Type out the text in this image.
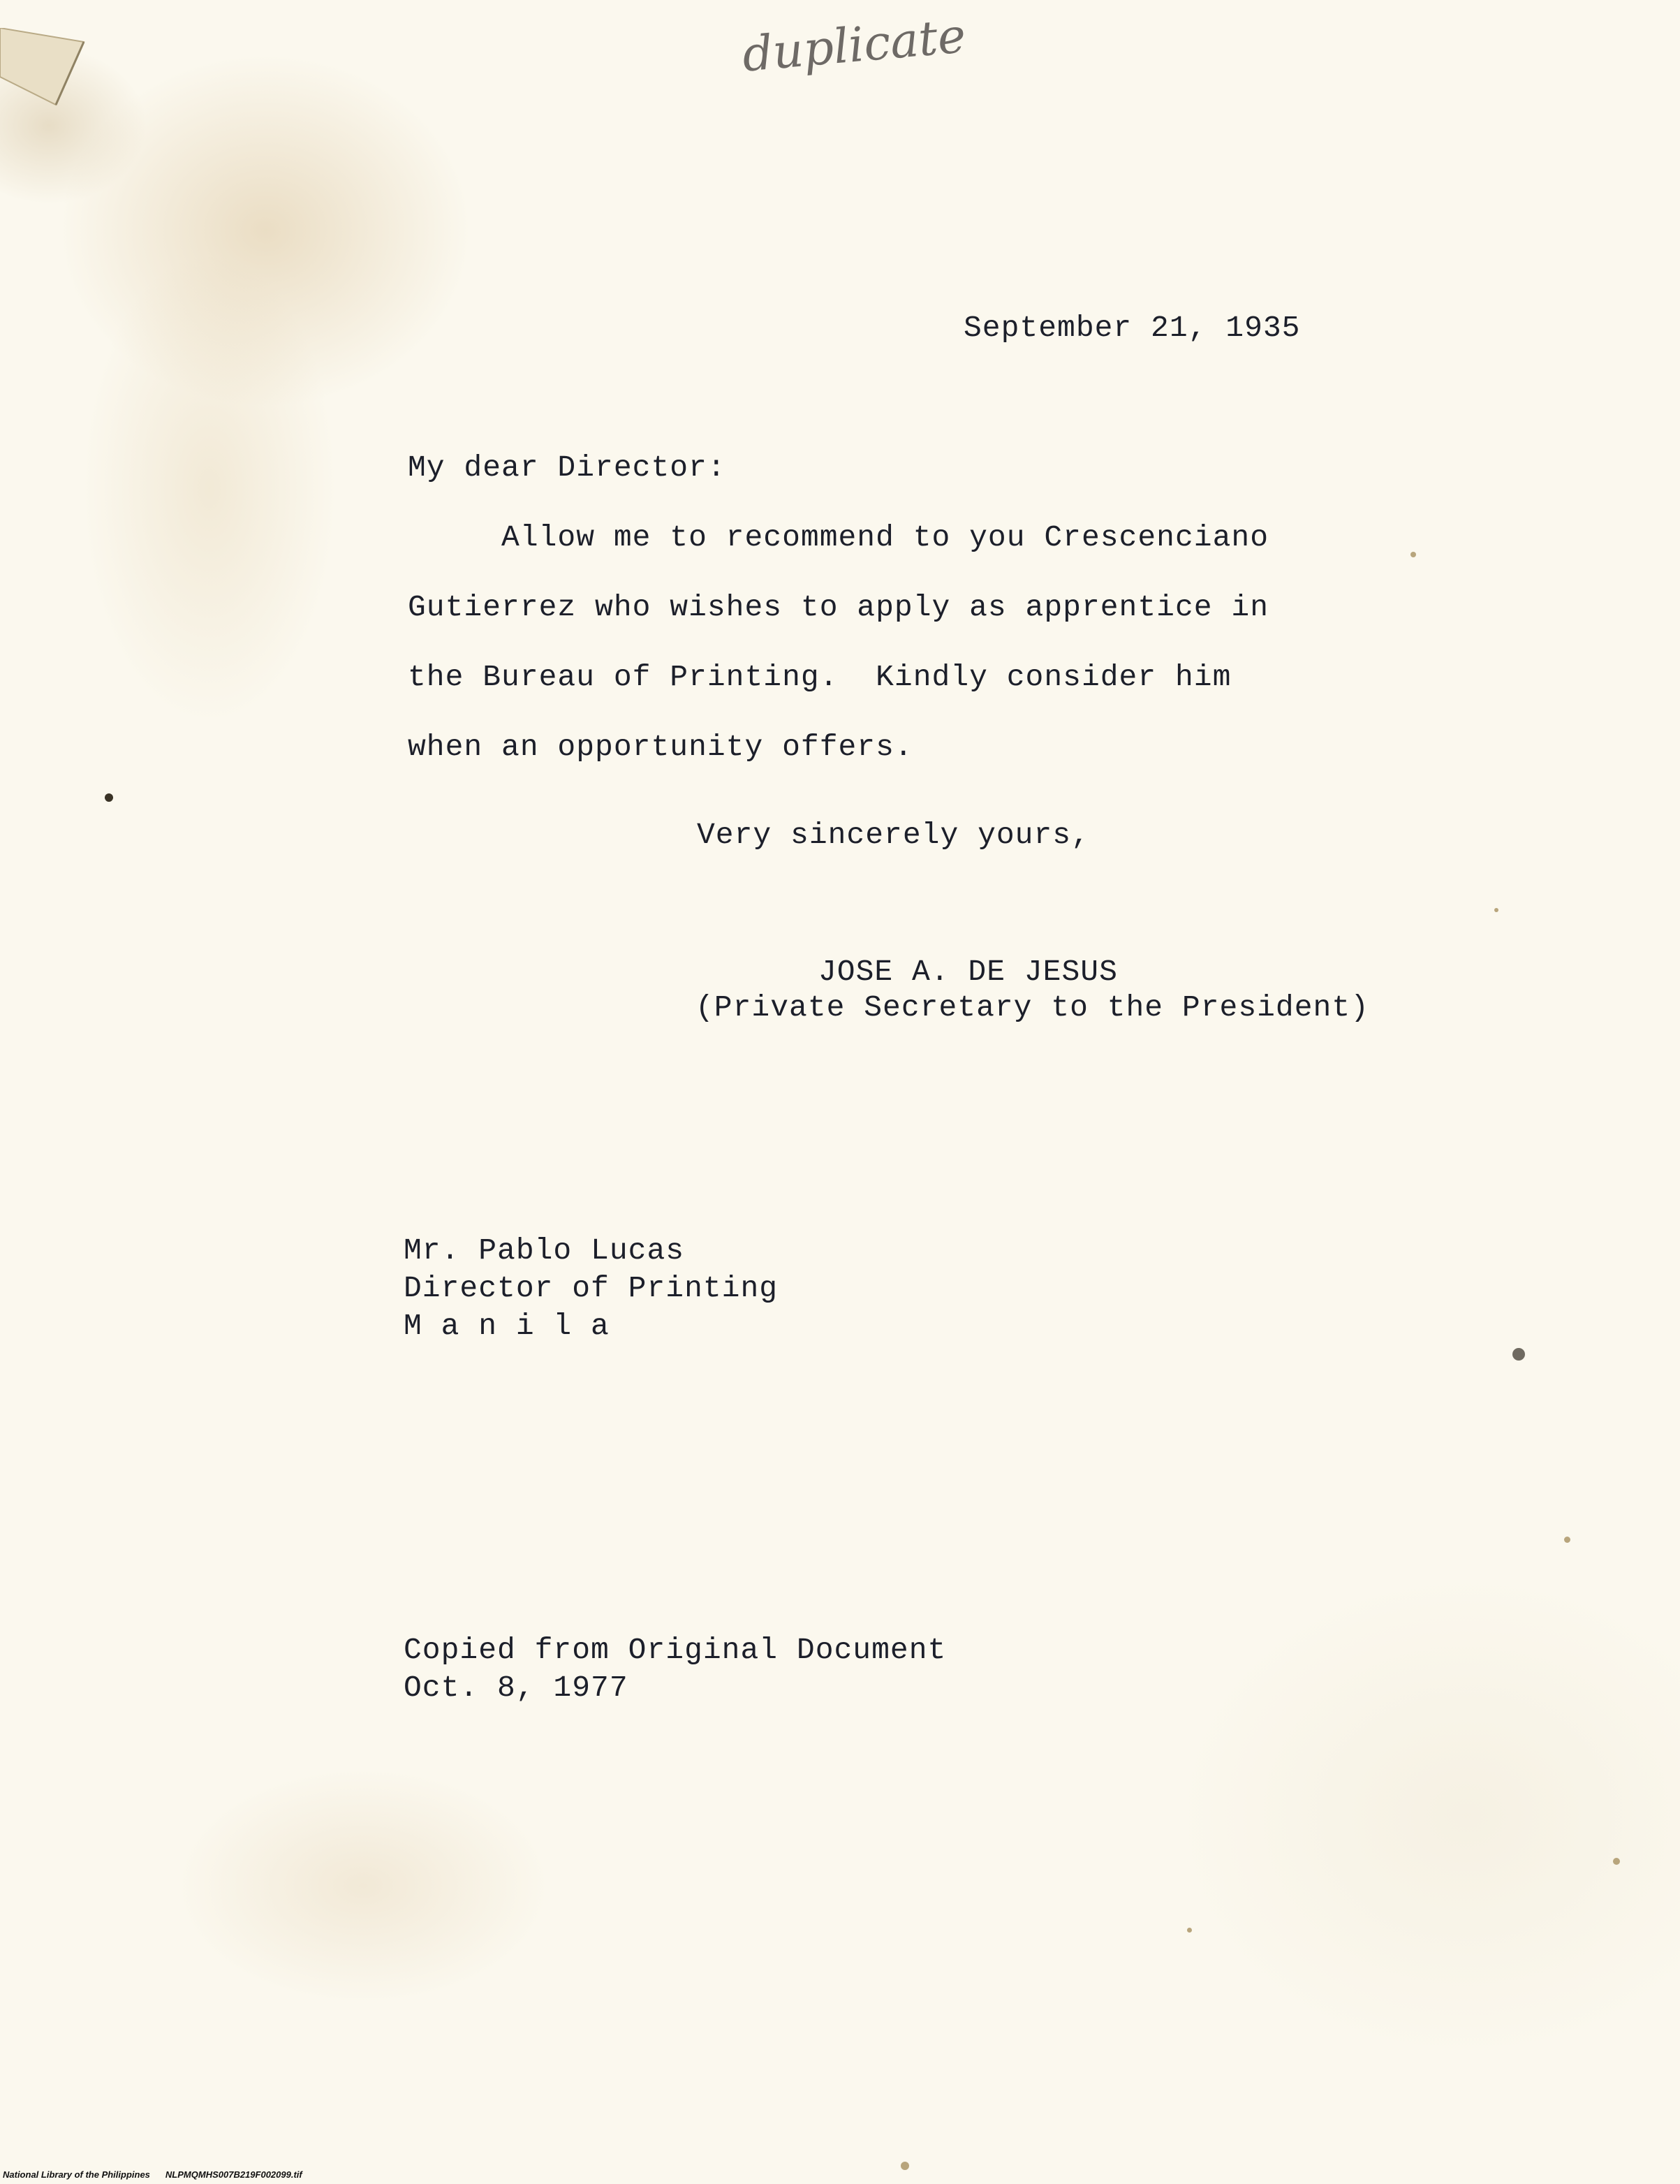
duplicate

September 21, 1935

My dear Director:

Allow me to recommend to you Crescenciano

Gutierrez who wishes to apply as apprentice in

the Bureau of Printing.  Kindly consider him

when an opportunity offers.

Very sincerely yours,

JOSE A. DE JESUS

(Private Secretary to the President)

Mr. Pablo Lucas

Director of Printing

M a n i l a

Copied from Original Document

Oct. 8, 1977

National Library of the Philippines NLPMQMHS007B219F002099.tif
